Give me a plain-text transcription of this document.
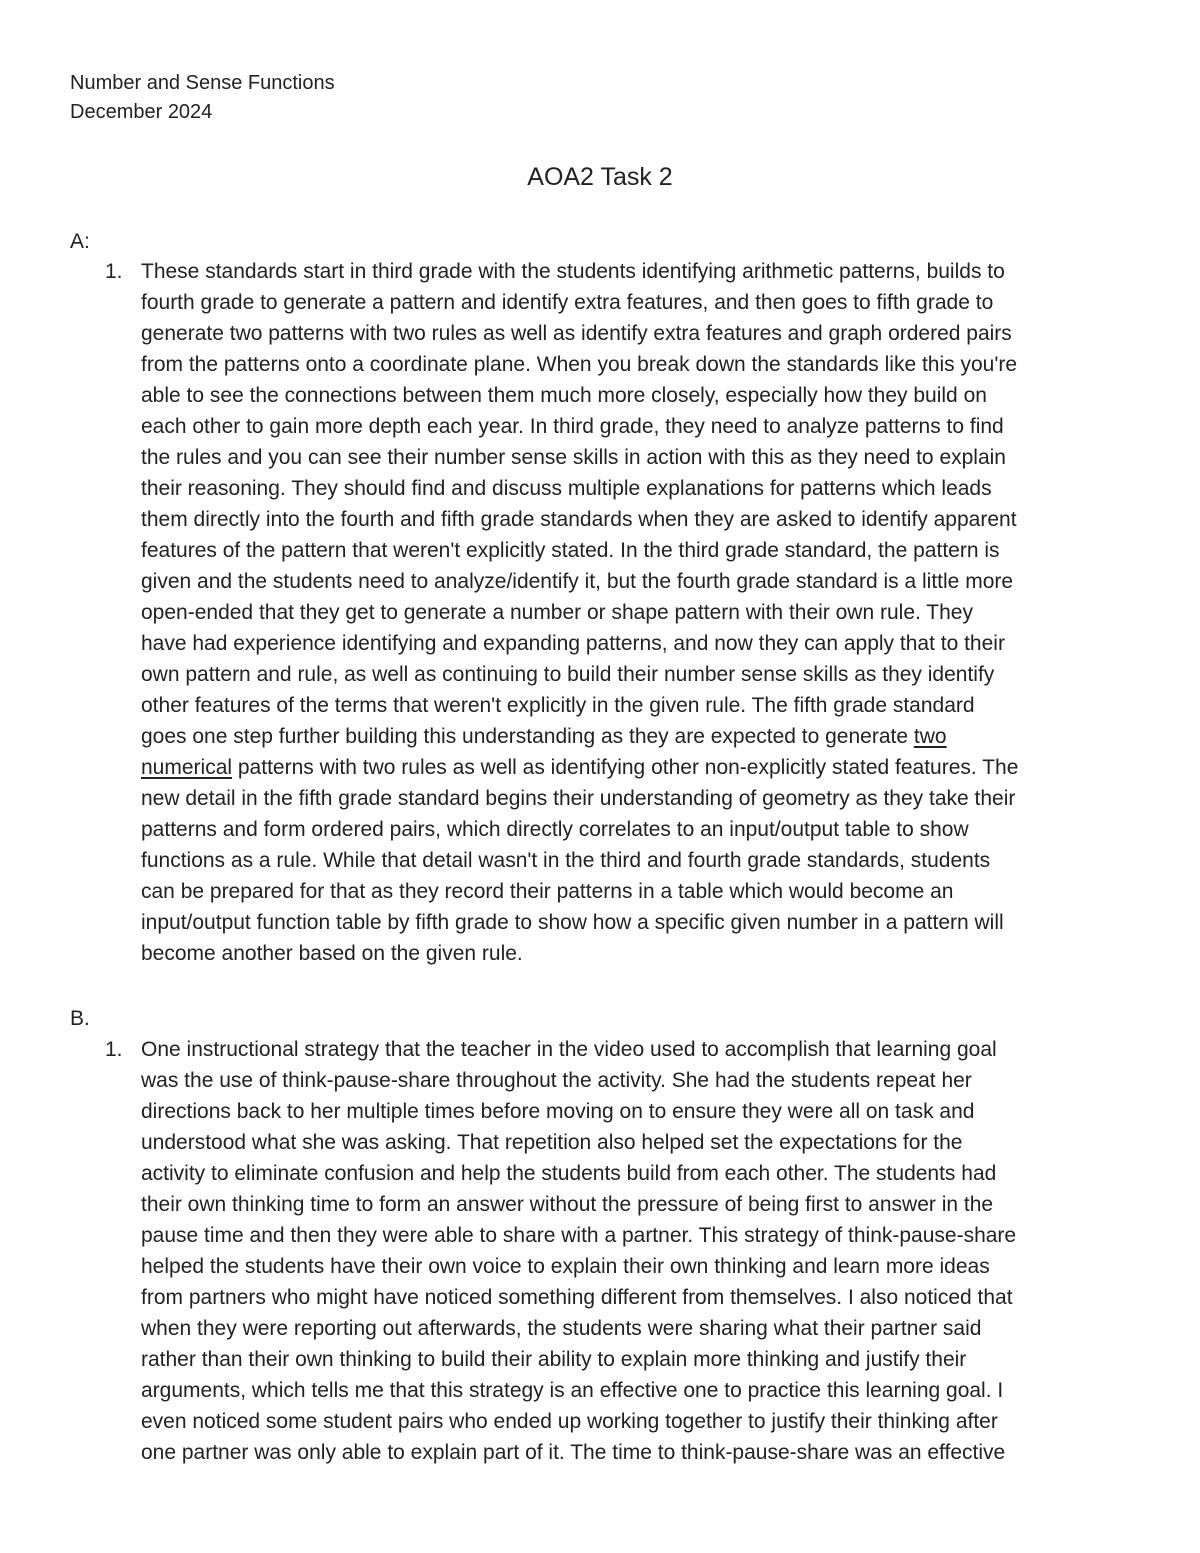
Number and Sense Functions
December 2024
AOA2 Task 2
A:
1. These standards start in third grade with the students identifying arithmetic patterns, builds to
fourth grade to generate a pattern and identify extra features, and then goes to fifth grade to
generate two patterns with two rules as well as identify extra features and graph ordered pairs
from the patterns onto a coordinate plane. When you break down the standards like this you're
able to see the connections between them much more closely, especially how they build on
each other to gain more depth each year. In third grade, they need to analyze patterns to find
the rules and you can see their number sense skills in action with this as they need to explain
their reasoning. They should find and discuss multiple explanations for patterns which leads
them directly into the fourth and fifth grade standards when they are asked to identify apparent
features of the pattern that weren't explicitly stated. In the third grade standard, the pattern is
given and the students need to analyze/identify it, but the fourth grade standard is a little more
open-ended that they get to generate a number or shape pattern with their own rule. They
have had experience identifying and expanding patterns, and now they can apply that to their
own pattern and rule, as well as continuing to build their number sense skills as they identify
other features of the terms that weren't explicitly in the given rule. The fifth grade standard
goes one step further building this understanding as they are expected to generate two
numerical patterns with two rules as well as identifying other non-explicitly stated features. The
new detail in the fifth grade standard begins their understanding of geometry as they take their
patterns and form ordered pairs, which directly correlates to an input/output table to show
functions as a rule. While that detail wasn't in the third and fourth grade standards, students
can be prepared for that as they record their patterns in a table which would become an
input/output function table by fifth grade to show how a specific given number in a pattern will
become another based on the given rule.
B.
1. One instructional strategy that the teacher in the video used to accomplish that learning goal
was the use of think-pause-share throughout the activity. She had the students repeat her
directions back to her multiple times before moving on to ensure they were all on task and
understood what she was asking. That repetition also helped set the expectations for the
activity to eliminate confusion and help the students build from each other. The students had
their own thinking time to form an answer without the pressure of being first to answer in the
pause time and then they were able to share with a partner. This strategy of think-pause-share
helped the students have their own voice to explain their own thinking and learn more ideas
from partners who might have noticed something different from themselves. I also noticed that
when they were reporting out afterwards, the students were sharing what their partner said
rather than their own thinking to build their ability to explain more thinking and justify their
arguments, which tells me that this strategy is an effective one to practice this learning goal. I
even noticed some student pairs who ended up working together to justify their thinking after
one partner was only able to explain part of it. The time to think-pause-share was an effective
